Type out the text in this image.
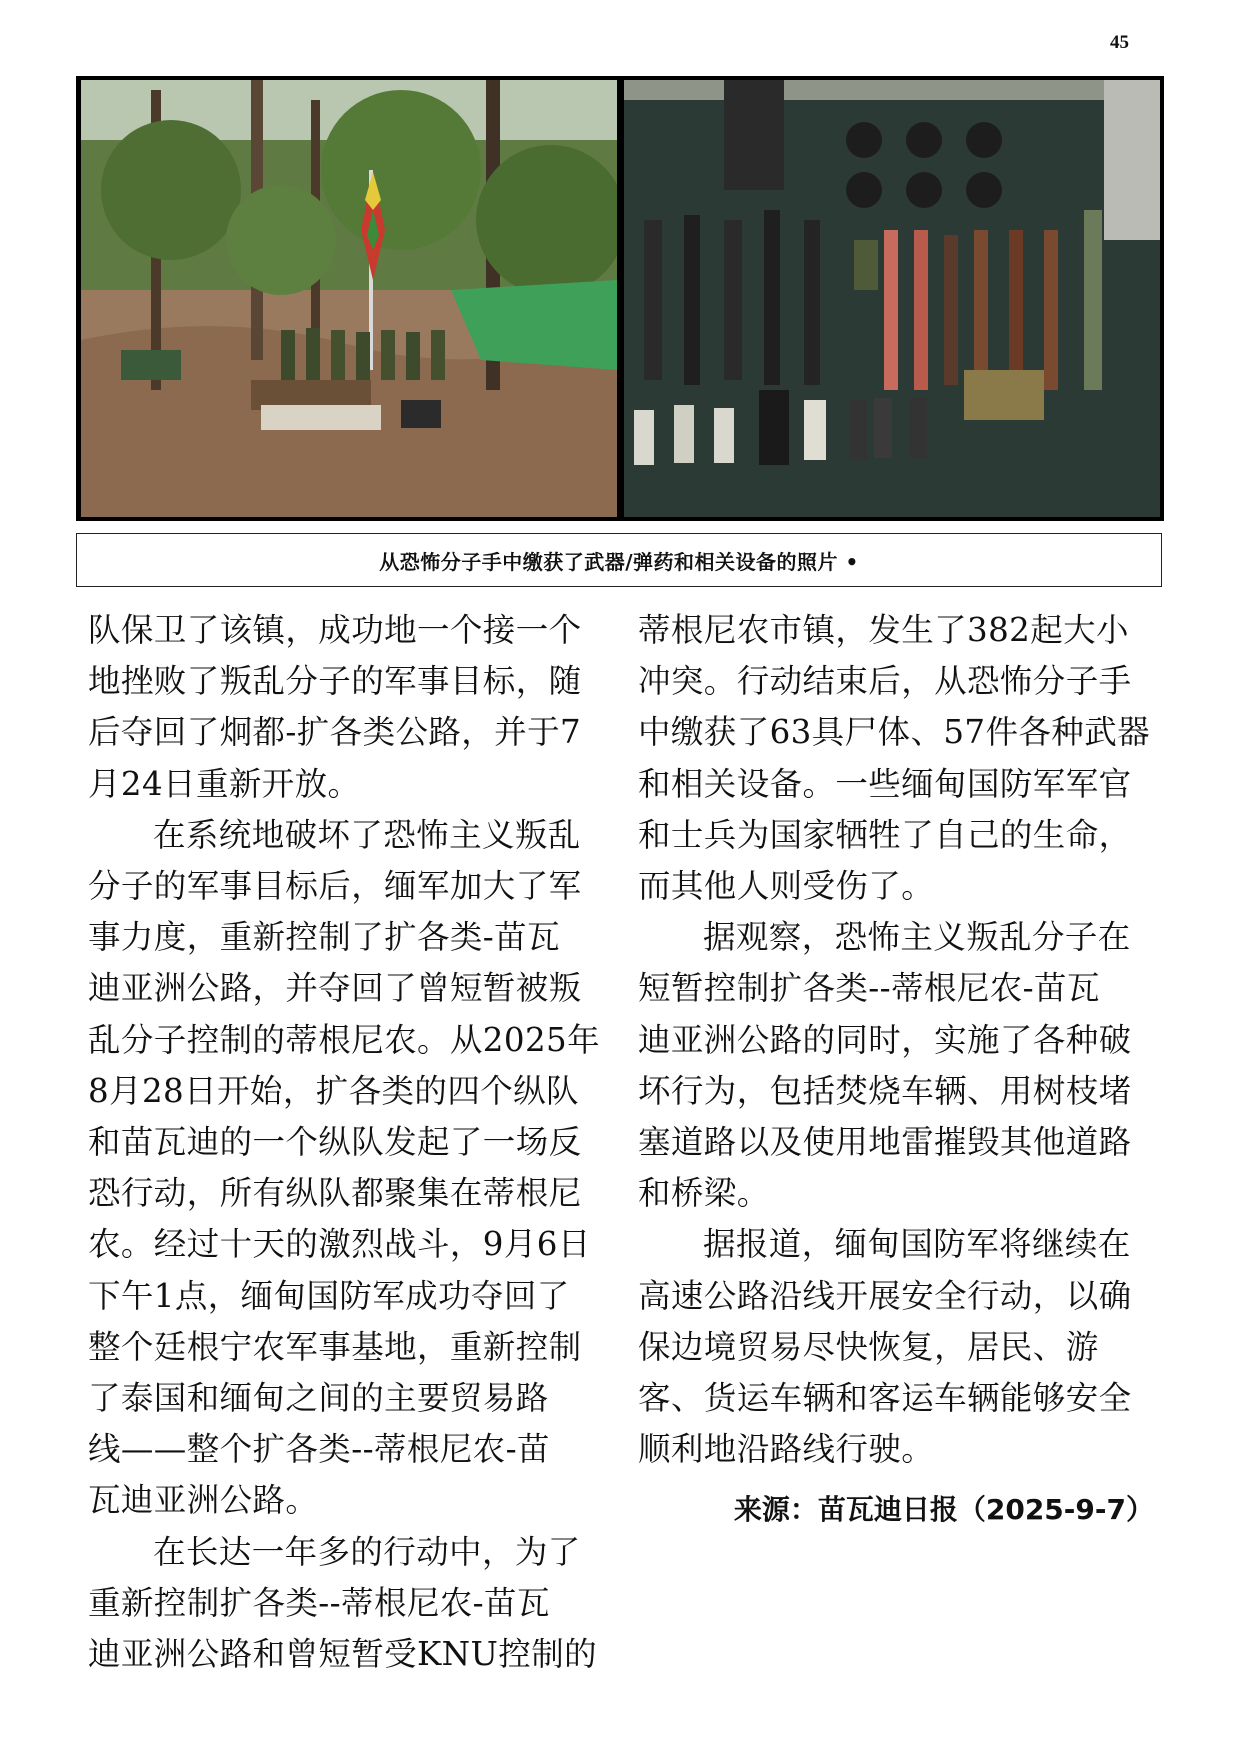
45
从恐怖分子手中缴获了武器/弹药和相关设备的照片 •

队保卫了该镇，成功地一个接一个
地挫败了叛乱分子的军事目标，随
后夺回了炯都-扩各类公路，并于7
月24日重新开放。

在系统地破坏了恐怖主义叛乱
分子的军事目标后，缅军加大了军
事力度，重新控制了扩各类-苗瓦
迪亚洲公路，并夺回了曾短暂被叛
乱分子控制的蒂根尼农。从2025年
8月28日开始，扩各类的四个纵队
和苗瓦迪的一个纵队发起了一场反
恐行动，所有纵队都聚集在蒂根尼
农。经过十天的激烈战斗，9月6日
下午1点，缅甸国防军成功夺回了
整个廷根宁农军事基地，重新控制
了泰国和缅甸之间的主要贸易路
线——整个扩各类--蒂根尼农-苗
瓦迪亚洲公路。

在长达一年多的行动中，为了
重新控制扩各类--蒂根尼农-苗瓦
迪亚洲公路和曾短暂受KNU控制的

蒂根尼农市镇，发生了382起大小
冲突。行动结束后，从恐怖分子手
中缴获了63具尸体、57件各种武器
和相关设备。一些缅甸国防军军官
和士兵为国家牺牲了自己的生命，
而其他人则受伤了。

据观察，恐怖主义叛乱分子在
短暂控制扩各类--蒂根尼农-苗瓦
迪亚洲公路的同时，实施了各种破
坏行为，包括焚烧车辆、用树枝堵
塞道路以及使用地雷摧毁其他道路
和桥梁。

据报道，缅甸国防军将继续在
高速公路沿线开展安全行动，以确
保边境贸易尽快恢复，居民、游
客、货运车辆和客运车辆能够安全
顺利地沿路线行驶。

来源：苗瓦迪日报（2025-9-7）
